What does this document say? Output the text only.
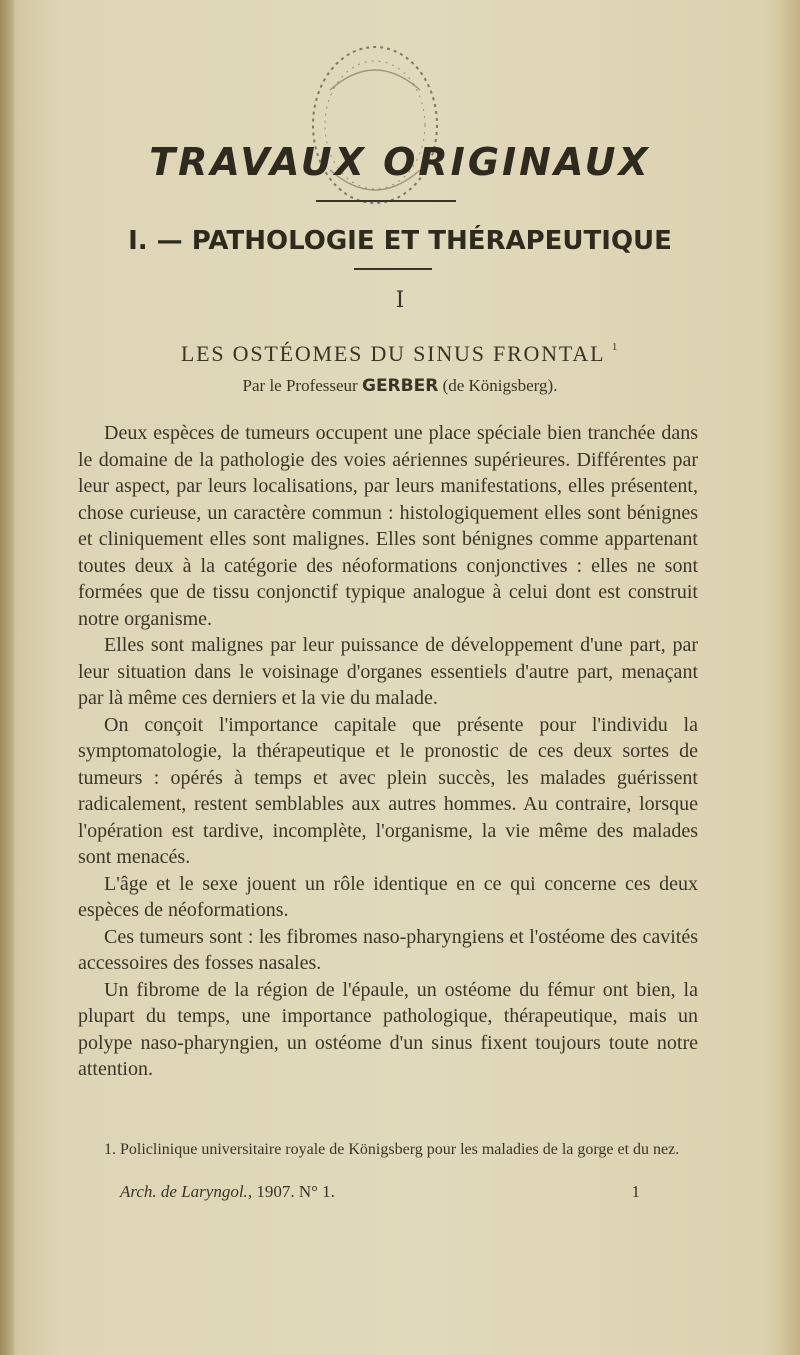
TRAVAUX ORIGINAUX
I. — PATHOLOGIE ET THÉRAPEUTIQUE
I
LES OSTÉOMES DU SINUS FRONTAL $^1$
Par le Professeur GERBER (de Königsberg).

Deux espèces de tumeurs occupent une place spéciale bien tranchée dans le domaine de la pathologie des voies aériennes supérieures. Différentes par leur aspect, par leurs localisations, par leurs manifestations, elles présentent, chose curieuse, un caractère commun : histologiquement elles sont bénignes et cliniquement elles sont malignes. Elles sont bénignes comme appartenant toutes deux à la catégorie des néoformations conjonctives : elles ne sont formées que de tissu conjonctif typique analogue à celui dont est construit notre organisme.

Elles sont malignes par leur puissance de développement d'une part, par leur situation dans le voisinage d'organes essentiels d'autre part, menaçant par là même ces derniers et la vie du malade.

On conçoit l'importance capitale que présente pour l'individu la symptomatologie, la thérapeutique et le pronostic de ces deux sortes de tumeurs : opérés à temps et avec plein succès, les malades guérissent radicalement, restent semblables aux autres hommes. Au contraire, lorsque l'opération est tardive, incomplète, l'organisme, la vie même des malades sont menacés.

L'âge et le sexe jouent un rôle identique en ce qui concerne ces deux espèces de néoformations.

Ces tumeurs sont : les fibromes naso-pharyngiens et l'ostéome des cavités accessoires des fosses nasales.

Un fibrome de la région de l'épaule, un ostéome du fémur ont bien, la plupart du temps, une importance pathologique, thérapeutique, mais un polype naso-pharyngien, un ostéome d'un sinus fixent toujours toute notre attention.

1. Policlinique universitaire royale de Königsberg pour les maladies de la gorge et du nez.

Arch. de Laryngol., 1907. N° 1.	1
